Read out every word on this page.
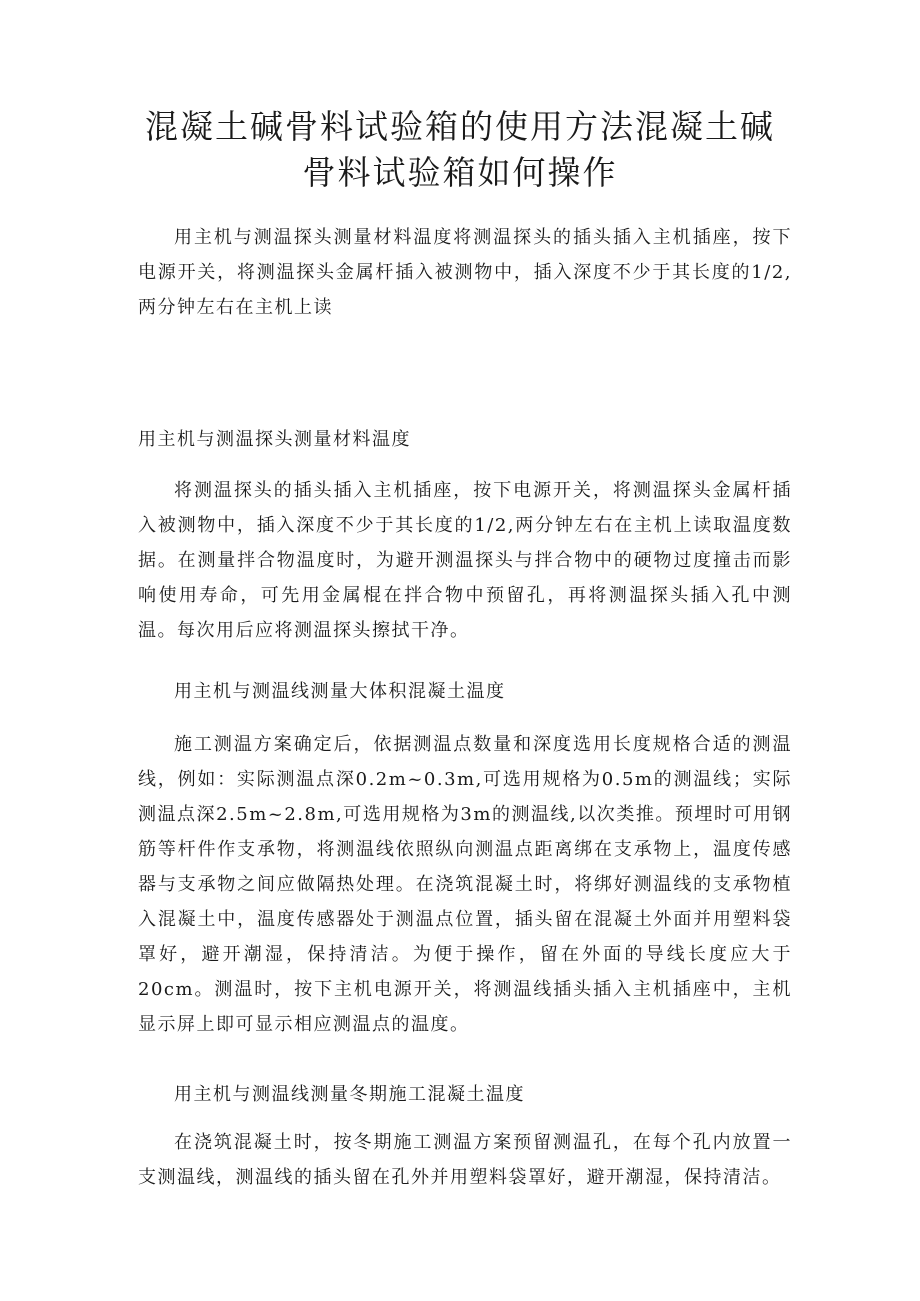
混凝土碱骨料试验箱的使用方法混凝土碱骨料试验箱如何操作

用主机与测温探头测量材料温度将测温探头的插头插入主机插座，按下电源开关，将测温探头金属杆插入被测物中，插入深度不少于其长度的1/2,两分钟左右在主机上读

用主机与测温探头测量材料温度

将测温探头的插头插入主机插座，按下电源开关，将测温探头金属杆插入被测物中，插入深度不少于其长度的1/2,两分钟左右在主机上读取温度数据。在测量拌合物温度时，为避开测温探头与拌合物中的硬物过度撞击而影响使用寿命，可先用金属棍在拌合物中预留孔，再将测温探头插入孔中测温。每次用后应将测温探头擦拭干净。

用主机与测温线测量大体积混凝土温度

施工测温方案确定后，依据测温点数量和深度选用长度规格合适的测温线，例如：实际测温点深0.2m~0.3m,可选用规格为0.5m的测温线；实际测温点深2.5m~2.8m,可选用规格为3m的测温线,以次类推。预埋时可用钢筋等杆件作支承物，将测温线依照纵向测温点距离绑在支承物上，温度传感器与支承物之间应做隔热处理。在浇筑混凝土时，将绑好测温线的支承物植入混凝土中，温度传感器处于测温点位置，插头留在混凝土外面并用塑料袋罩好，避开潮湿，保持清洁。为便于操作，留在外面的导线长度应大于20cm。测温时，按下主机电源开关，将测温线插头插入主机插座中，主机显示屏上即可显示相应测温点的温度。

用主机与测温线测量冬期施工混凝土温度

在浇筑混凝土时，按冬期施工测温方案预留测温孔，在每个孔内放置一支测温线，测温线的插头留在孔外并用塑料袋罩好，避开潮湿，保持清洁。
